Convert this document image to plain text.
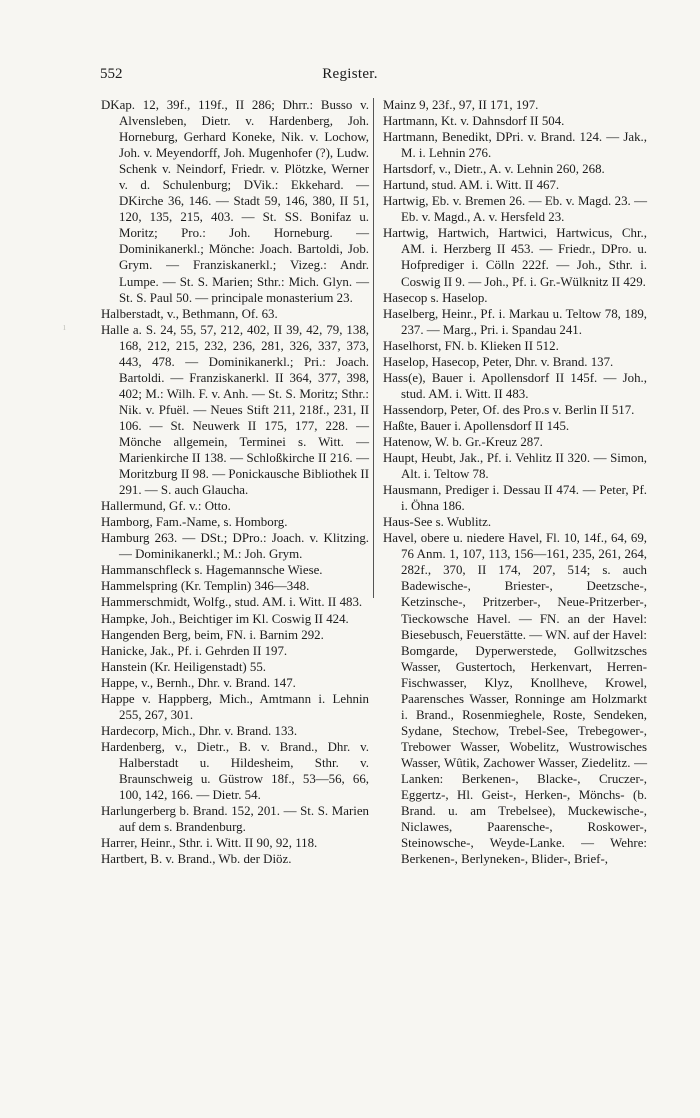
552	Register.
ı
DKap. 12, 39f., 119f., II 286; Dhrr.: Busso v. Alvensleben, Dietr. v. Hardenberg, Joh. Horneburg, Gerhard Koneke, Nik. v. Lochow, Joh. v. Meyendorff, Joh. Mugenhofer (?), Ludw. Schenk v. Neindorf, Friedr. v. Plötzke, Werner v. d. Schulenburg; DVik.: Ekkehard. — DKirche 36, 146. — Stadt 59, 146, 380, II 51, 120, 135, 215, 403. — St. SS. Bonifaz u. Moritz; Pro.: Joh. Horneburg. — Dominikanerkl.; Mönche: Joach. Bartoldi, Job. Grym. — Franziskanerkl.; Vizeg.: Andr. Lumpe. — St. S. Marien; Sthr.: Mich. Glyn. — St. S. Paul 50. — principale monasterium 23.
Halberstadt, v., Bethmann, Of. 63.
Halle a. S. 24, 55, 57, 212, 402, II 39, 42, 79, 138, 168, 212, 215, 232, 236, 281, 326, 337, 373, 443, 478. — Dominikanerkl.; Pri.: Joach. Bartoldi. — Franziskanerkl. II 364, 377, 398, 402; M.: Wilh. F. v. Anh. — St. S. Moritz; Sthr.: Nik. v. Pfuël. — Neues Stift 211, 218f., 231, II 106. — St. Neuwerk II 175, 177, 228. — Mönche allgemein, Terminei s. Witt. — Marienkirche II 138. — Schloßkirche II 216. — Moritzburg II 98. — Ponickausche Bibliothek II 291. — S. auch Glaucha.
Hallermund, Gf. v.: Otto.
Hamborg, Fam.-Name, s. Homborg.
Hamburg 263. — DSt.; DPro.: Joach. v. Klitzing. — Dominikanerkl.; M.: Joh. Grym.
Hammanschfleck s. Hagemannsche Wiese.
Hammelspring (Kr. Templin) 346—348.
Hammerschmidt, Wolfg., stud. AM. i. Witt. II 483.
Hampke, Joh., Beichtiger im Kl. Coswig II 424.
Hangenden Berg, beim, FN. i. Barnim 292.
Hanicke, Jak., Pf. i. Gehrden II 197.
Hanstein (Kr. Heiligenstadt) 55.
Happe, v., Bernh., Dhr. v. Brand. 147.
Happe v. Happberg, Mich., Amtmann i. Lehnin 255, 267, 301.
Hardecorp, Mich., Dhr. v. Brand. 133.
Hardenberg, v., Dietr., B. v. Brand., Dhr. v. Halberstadt u. Hildesheim, Sthr. v. Braunschweig u. Güstrow 18f., 53—56, 66, 100, 142, 166. — Dietr. 54.
Harlungerberg b. Brand. 152, 201. — St. S. Marien auf dem s. Brandenburg.
Harrer, Heinr., Sthr. i. Witt. II 90, 92, 118.
Hartbert, B. v. Brand., Wb. der Diöz.
Mainz 9, 23f., 97, II 171, 197.
Hartmann, Kt. v. Dahnsdorf II 504.
Hartmann, Benedikt, DPri. v. Brand. 124. — Jak., M. i. Lehnin 276.
Hartsdorf, v., Dietr., A. v. Lehnin 260, 268.
Hartund, stud. AM. i. Witt. II 467.
Hartwig, Eb. v. Bremen 26. — Eb. v. Magd. 23. — Eb. v. Magd., A. v. Hersfeld 23.
Hartwig, Hartwich, Hartwici, Hartwicus, Chr., AM. i. Herzberg II 453. — Friedr., DPro. u. Hofprediger i. Cölln 222f. — Joh., Sthr. i. Coswig II 9. — Joh., Pf. i. Gr.-Wülknitz II 429.
Hasecop s. Haselop.
Haselberg, Heinr., Pf. i. Markau u. Teltow 78, 189, 237. — Marg., Pri. i. Spandau 241.
Haselhorst, FN. b. Klieken II 512.
Haselop, Hasecop, Peter, Dhr. v. Brand. 137.
Hass(e), Bauer i. Apollensdorf II 145f. — Joh., stud. AM. i. Witt. II 483.
Hassendorp, Peter, Of. des Pro.s v. Berlin II 517.
Haßte, Bauer i. Apollensdorf II 145.
Hatenow, W. b. Gr.-Kreuz 287.
Haupt, Heubt, Jak., Pf. i. Vehlitz II 320. — Simon, Alt. i. Teltow 78.
Hausmann, Prediger i. Dessau II 474. — Peter, Pf. i. Öhna 186.
Haus-See s. Wublitz.
Havel, obere u. niedere Havel, Fl. 10, 14f., 64, 69, 76 Anm. 1, 107, 113, 156—161, 235, 261, 264, 282f., 370, II 174, 207, 514; s. auch Badewische-, Briester-, Deetzsche-, Ketzinsche-, Pritzerber-, Neue-Pritzerber-, Tieckowsche Havel. — FN. an der Havel: Biesebusch, Feuerstätte. — WN. auf der Havel: Bomgarde, Dyperwerstede, Gollwitzsches Wasser, Gustertoch, Herkenvart, Herren-Fischwasser, Klyz, Knollheve, Krowel, Paarensches Wasser, Ronninge am Holzmarkt i. Brand., Rosenmieghele, Roste, Sendeken, Sydane, Stechow, Trebel-See, Trebegower-, Trebower Wasser, Wobelitz, Wustrowisches Wasser, Wûtik, Zachower Wasser, Ziedelitz. — Lanken: Berkenen-, Blacke-, Cruczer-, Eggertz-, Hl. Geist-, Herken-, Mönchs- (b. Brand. u. am Trebelsee), Muckewische-, Niclawes, Paarensche-, Roskower-, Steinowsche-, Weyde-Lanke. — Wehre: Berkenen-, Berlyneken-, Blider-, Brief-,
